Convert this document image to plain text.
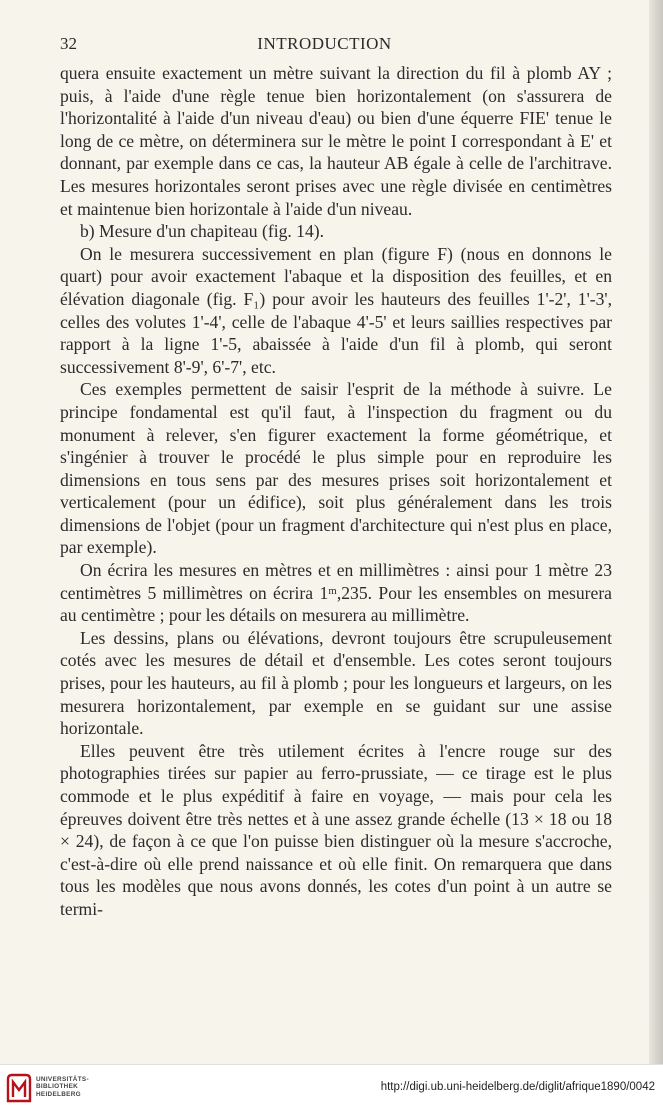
32	INTRODUCTION

quera ensuite exactement un mètre suivant la direction du fil à plomb AY ; puis, à l'aide d'une règle tenue bien horizontalement (on s'assurera de l'horizontalité à l'aide d'un niveau d'eau) ou bien d'une équerre FIE' tenue le long de ce mètre, on déterminera sur le mètre le point I correspondant à E' et donnant, par exemple dans ce cas, la hauteur AB égale à celle de l'architrave. Les mesures horizontales seront prises avec une règle divisée en centimètres et maintenue bien horizontale à l'aide d'un niveau.

b) Mesure d'un chapiteau (fig. 14).

On le mesurera successivement en plan (figure F) (nous en donnons le quart) pour avoir exactement l'abaque et la disposition des feuilles, et en élévation diagonale (fig. F₁) pour avoir les hauteurs des feuilles 1'-2', 1'-3', celles des volutes 1'-4', celle de l'abaque 4'-5' et leurs saillies respectives par rapport à la ligne 1'-5, abaissée à l'aide d'un fil à plomb, qui seront successivement 8'-9', 6'-7', etc.

Ces exemples permettent de saisir l'esprit de la méthode à suivre. Le principe fondamental est qu'il faut, à l'inspection du fragment ou du monument à relever, s'en figurer exactement la forme géométrique, et s'ingénier à trouver le procédé le plus simple pour en reproduire les dimensions en tous sens par des mesures prises soit horizontalement et verticalement (pour un édifice), soit plus généralement dans les trois dimensions de l'objet (pour un fragment d'architecture qui n'est plus en place, par exemple).

On écrira les mesures en mètres et en millimètres : ainsi pour 1 mètre 23 centimètres 5 millimètres on écrira 1ᵐ,235. Pour les ensembles on mesurera au centimètre ; pour les détails on mesurera au millimètre.

Les dessins, plans ou élévations, devront toujours être scrupuleusement cotés avec les mesures de détail et d'ensemble. Les cotes seront toujours prises, pour les hauteurs, au fil à plomb ; pour les longueurs et largeurs, on les mesurera horizontalement, par exemple en se guidant sur une assise horizontale.

Elles peuvent être très utilement écrites à l'encre rouge sur des photographies tirées sur papier au ferro-prussiate, — ce tirage est le plus commode et le plus expéditif à faire en voyage, — mais pour cela les épreuves doivent être très nettes et à une assez grande échelle (13 × 18 ou 18 × 24), de façon à ce que l'on puisse bien distinguer où la mesure s'accroche, c'est-à-dire où elle prend naissance et où elle finit. On remarquera que dans tous les modèles que nous avons donnés, les cotes d'un point à un autre se termi-

UNIVERSITÄTS-
BIBLIOTHEK
HEIDELBERG
http://digi.ub.uni-heidelberg.de/diglit/afrique1890/0042
